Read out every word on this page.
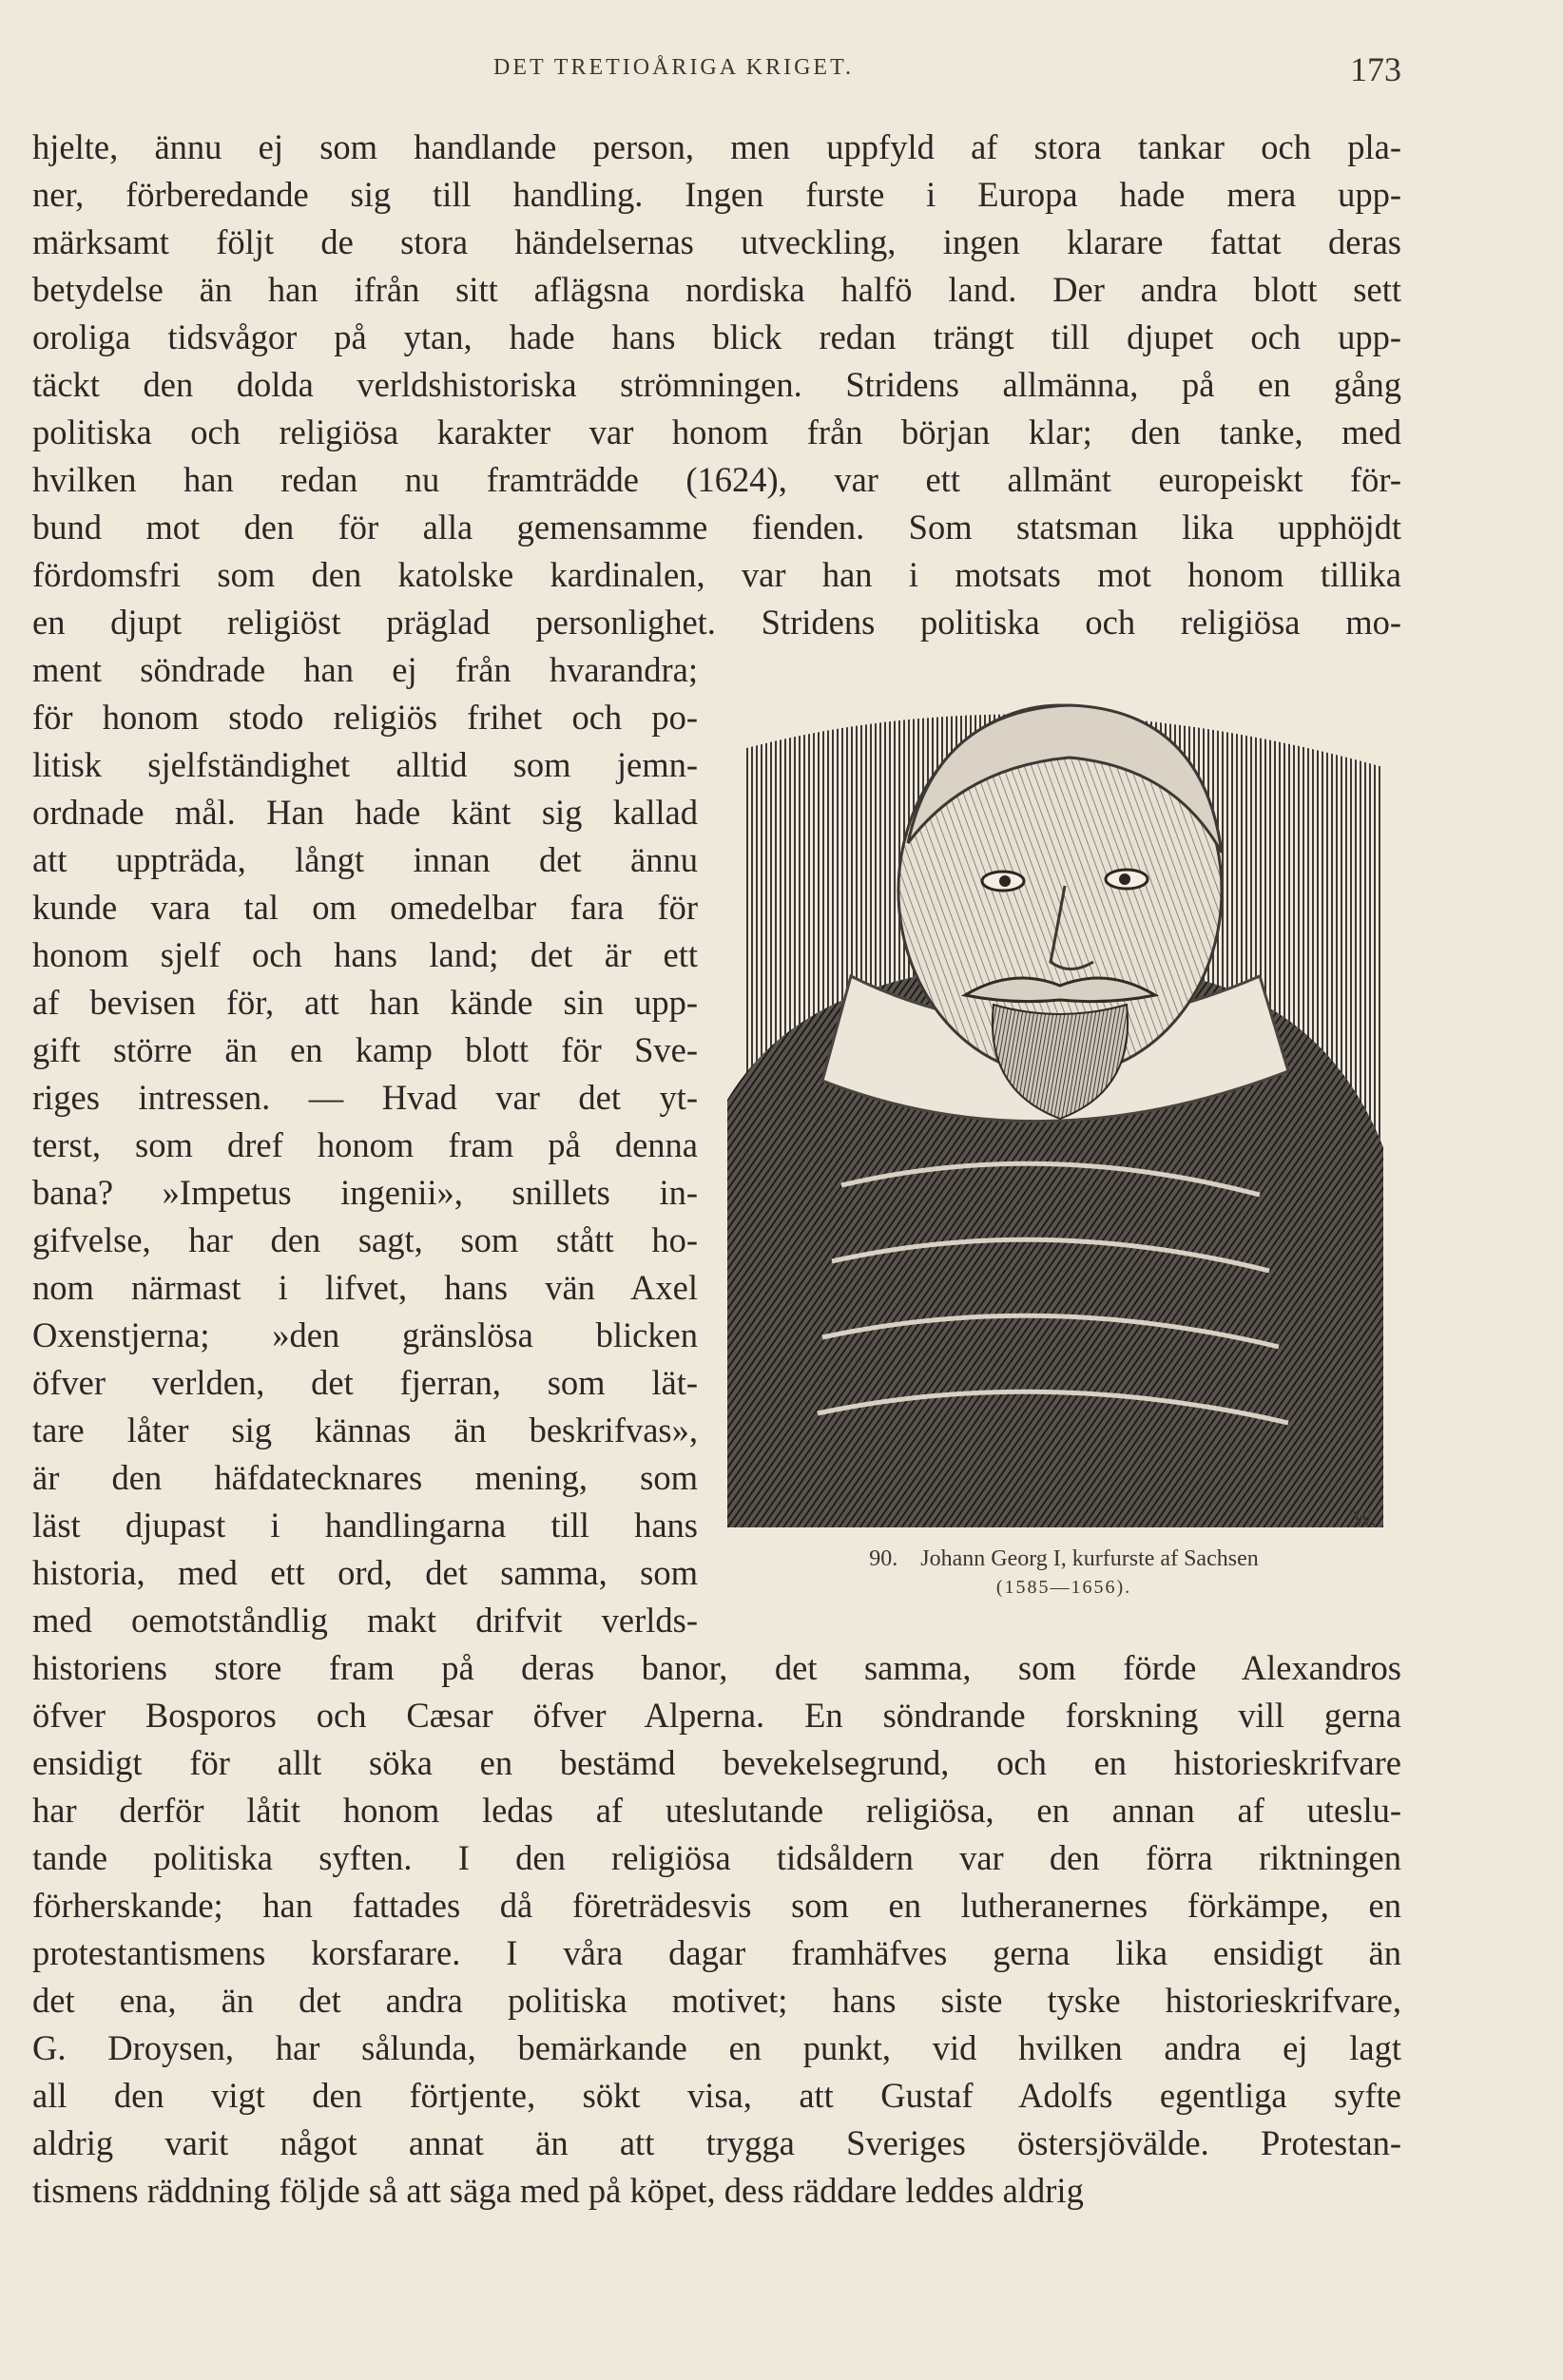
DET TRETIOÅRIGA KRIGET.	173
hjelte, ännu ej som handlande person, men uppfyld af stora tankar och pla-
ner, förberedande sig till handling. Ingen furste i Europa hade mera upp-
märksamt följt de stora händelsernas utveckling, ingen klarare fattat deras
betydelse än han ifrån sitt aflägsna nordiska halfö land. Der andra blott sett
oroliga tidsvågor på ytan, hade hans blick redan trängt till djupet och upp-
täckt den dolda verldshistoriska strömningen. Stridens allmänna, på en gång
politiska och religiösa karakter var honom från början klar; den tanke, med
hvilken han redan nu framträdde (1624), var ett allmänt europeiskt för-
bund mot den för alla gemensamme fienden. Som statsman lika upphöjdt
fördomsfri som den katolske kardinalen, var han i motsats mot honom tillika
en djupt religiöst präglad personlighet. Stridens politiska och religiösa mo-
ment söndrade han ej från hvarandra;
för honom stodo religiös frihet och po-
litisk sjelfständighet alltid som jemn-
ordnade mål. Han hade känt sig kallad
att uppträda, långt innan det ännu
kunde vara tal om omedelbar fara för
honom sjelf och hans land; det är ett
af bevisen för, att han kände sin upp-
gift större än en kamp blott för Sve-
riges intressen. — Hvad var det yt-
terst, som dref honom fram på denna
bana? »Impetus ingenii», snillets in-
gifvelse, har den sagt, som stått ho-
nom närmast i lifvet, hans vän Axel
Oxenstjerna; »den gränslösa blicken
öfver verlden, det fjerran, som lät-
tare låter sig kännas än beskrifvas»,
är den häfdatecknares mening, som
läst djupast i handlingarna till hans
historia, med ett ord, det samma, som
med oemotståndlig makt drifvit verlds-
historiens store fram på deras banor, det samma, som förde Alexandros
öfver Bosporos och Cæsar öfver Alperna. En söndrande forskning vill gerna
ensidigt för allt söka en bestämd bevekelsegrund, och en historieskrifvare
har derför låtit honom ledas af uteslutande religiösa, en annan af uteslu-
tande politiska syften. I den religiösa tidsåldern var den förra riktningen
förherskande; han fattades då företrädesvis som en lutheranernes förkämpe, en
protestantismens korsfarare. I våra dagar framhäfves gerna lika ensidigt än
det ena, än det andra politiska motivet; hans siste tyske historieskrifvare,
G. Droysen, har sålunda, bemärkande en punkt, vid hvilken andra ej lagt
all den vigt den förtjente, sökt visa, att Gustaf Adolfs egentliga syfte
aldrig varit något annat än att trygga Sveriges östersjövälde. Protestan-
tismens räddning följde så att säga med på köpet, dess räddare leddes aldrig
W.
90. Johann Georg I, kurfurste af Sachsen
(1585—1656).
